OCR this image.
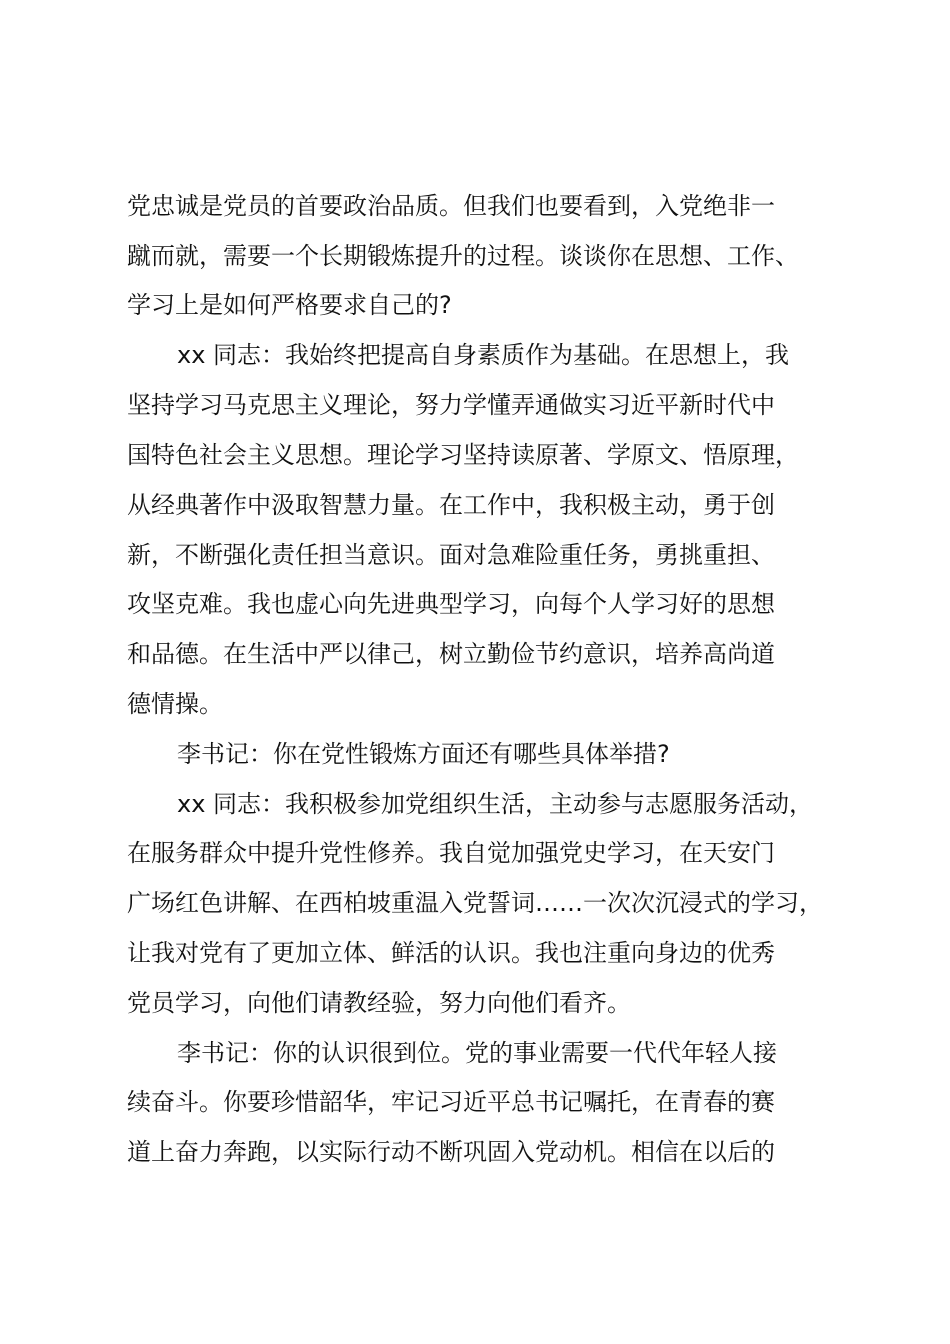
党忠诚是党员的首要政治品质。但我们也要看到，入党绝非一
蹴而就，需要一个长期锻炼提升的过程。谈谈你在思想、工作、
学习上是如何严格要求自己的?
xx 同志：我始终把提高自身素质作为基础。在思想上，我
坚持学习马克思主义理论，努力学懂弄通做实习近平新时代中
国特色社会主义思想。理论学习坚持读原著、学原文、悟原理，
从经典著作中汲取智慧力量。在工作中，我积极主动，勇于创
新，不断强化责任担当意识。面对急难险重任务，勇挑重担、
攻坚克难。我也虚心向先进典型学习，向每个人学习好的思想
和品德。在生活中严以律己，树立勤俭节约意识，培养高尚道
德情操。
李书记：你在党性锻炼方面还有哪些具体举措?
xx 同志：我积极参加党组织生活，主动参与志愿服务活动，
在服务群众中提升党性修养。我自觉加强党史学习，在天安门
广场红色讲解、在西柏坡重温入党誓词……一次次沉浸式的学习，
让我对党有了更加立体、鲜活的认识。我也注重向身边的优秀
党员学习，向他们请教经验，努力向他们看齐。
李书记：你的认识很到位。党的事业需要一代代年轻人接
续奋斗。你要珍惜韶华，牢记习近平总书记嘱托，在青春的赛
道上奋力奔跑，以实际行动不断巩固入党动机。相信在以后的
